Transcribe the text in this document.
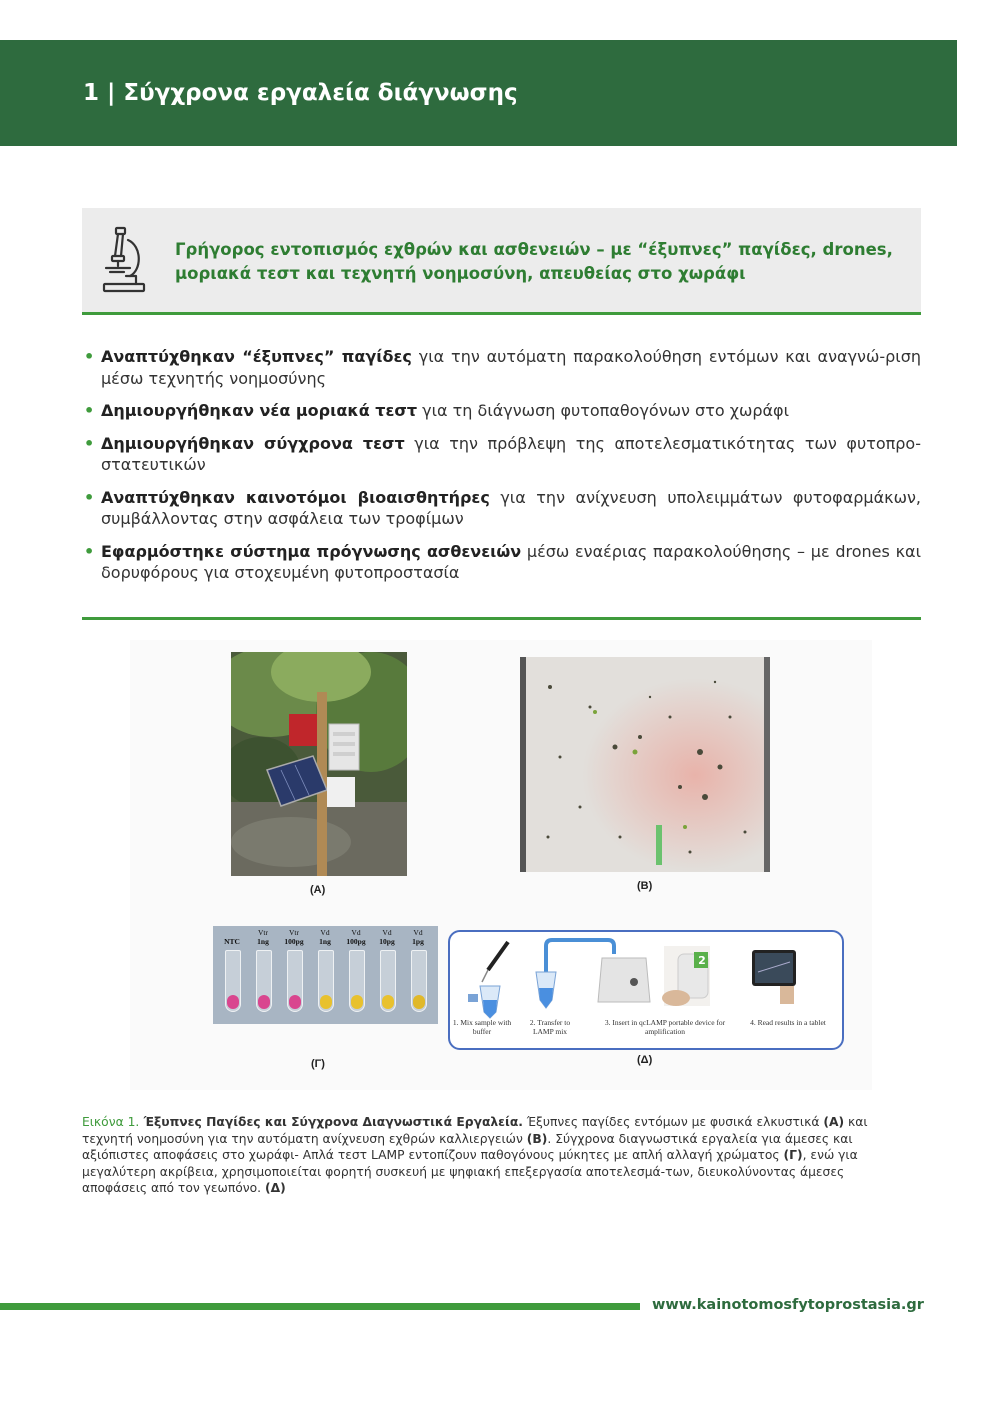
1 | Σύγχρονα εργαλεία διάγνωσης
Γρήγορος εντοπισμός εχθρών και ασθενειών – με “έξυπνες” παγίδες, drones, μοριακά τεστ και τεχνητή νοημοσύνη, απευθείας στο χωράφι
• Αναπτύχθηκαν “έξυπνες” παγίδες για την αυτόματη παρακολούθηση εντόμων και αναγνώ-ριση μέσω τεχνητής νοημοσύνης
• Δημιουργήθηκαν νέα μοριακά τεστ για τη διάγνωση φυτοπαθογόνων στο χωράφι
• Δημιουργήθηκαν σύγχρονα τεστ για την πρόβλεψη της αποτελεσματικότητας των φυτοπρο-στατευτικών
• Αναπτύχθηκαν καινοτόμοι βιοαισθητήρες για την ανίχνευση υπολειμμάτων φυτοφαρμάκων, συμβάλλοντας στην ασφάλεια των τροφίμων
• Εφαρμόστηκε σύστημα πρόγνωσης ασθενειών μέσω εναέριας παρακολούθησης – με drones και δορυφόρους για στοχευμένη φυτοπροστασία
(A)	(B)
NTC
Vtr
1ng
Vtr
100pg
Vd
1ng
Vd
100pg
Vd
10pg
Vd
1pg
(Γ)
1. Mix sample with buffer
2. Transfer to LAMP mix
3. Insert in qcLAMP portable device for amplification
4. Read results in a tablet
2
(Δ)

Εικόνα 1. Έξυπνες Παγίδες και Σύγχρονα Διαγνωστικά Εργαλεία. Έξυπνες παγίδες εντόμων με φυσικά ελκυστικά (A) και τεχνητή νοημοσύνη για την αυτόματη ανίχνευση εχθρών καλλιεργειών (B). Σύγχρονα διαγνωστικά εργαλεία για άμεσες και αξιόπιστες αποφάσεις στο χωράφι- Απλά τεστ LAMP εντοπίζουν παθογόνους μύκητες με απλή αλλαγή χρώματος (Γ), ενώ για μεγαλύτερη ακρίβεια, χρησιμοποιείται φορητή συσκευή με ψηφιακή επεξεργασία αποτελεσμά-των, διευκολύνοντας άμεσες αποφάσεις από τον γεωπόνο. (Δ)

www.kainotomosfytoprostasia.gr
